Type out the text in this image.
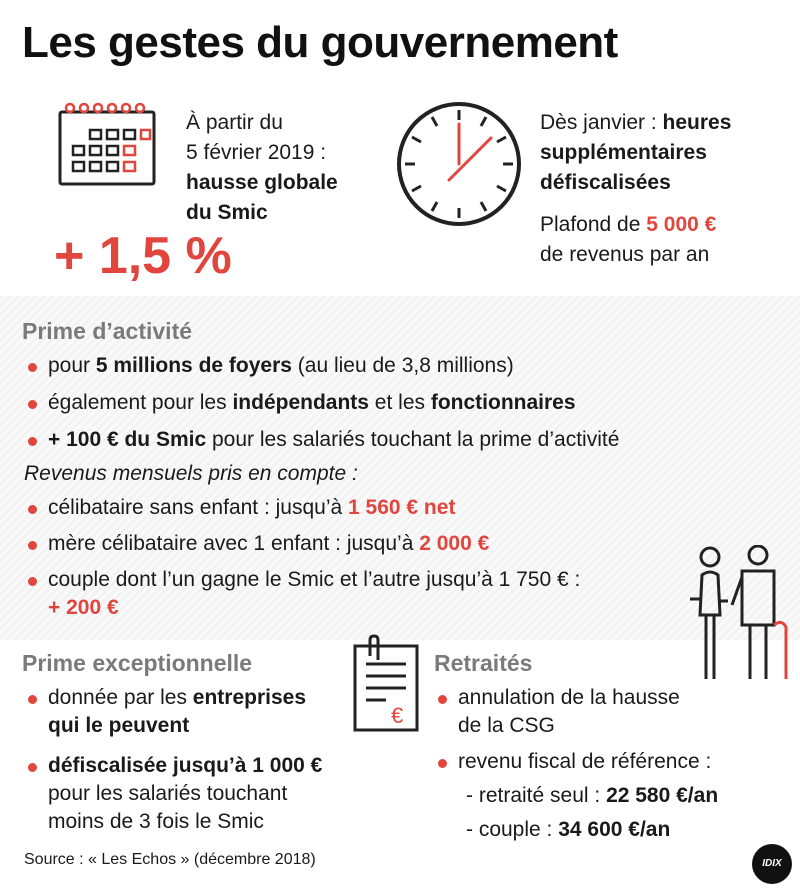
Les gestes du gouvernement
À partir du
5 février 2019 :
hausse globale
du Smic
+ 1,5 %
Dès janvier : heures
supplémentaires
défiscalisées
Plafond de 5 000 €
de revenus par an
Prime d’activité
pour 5 millions de foyers (au lieu de 3,8 millions)
également pour les indépendants et les fonctionnaires
+ 100 € du Smic pour les salariés touchant la prime d’activité
Revenus mensuels pris en compte :
célibataire sans enfant : jusqu’à 1 560 € net
mère célibataire avec 1 enfant : jusqu’à 2 000 €
couple dont l’un gagne le Smic et l’autre jusqu’à 1 750 € :
+ 200 €
Prime exceptionnelle
donnée par les entreprises
qui le peuvent
défiscalisée jusqu’à 1 000 €
pour les salariés touchant
moins de 3 fois le Smic
€
Retraités
annulation de la hausse
de la CSG
revenu fiscal de référence :
- retraité seul : 22 580 €/an
- couple : 34 600 €/an
Source : « Les Echos » (décembre 2018)	IDIX
